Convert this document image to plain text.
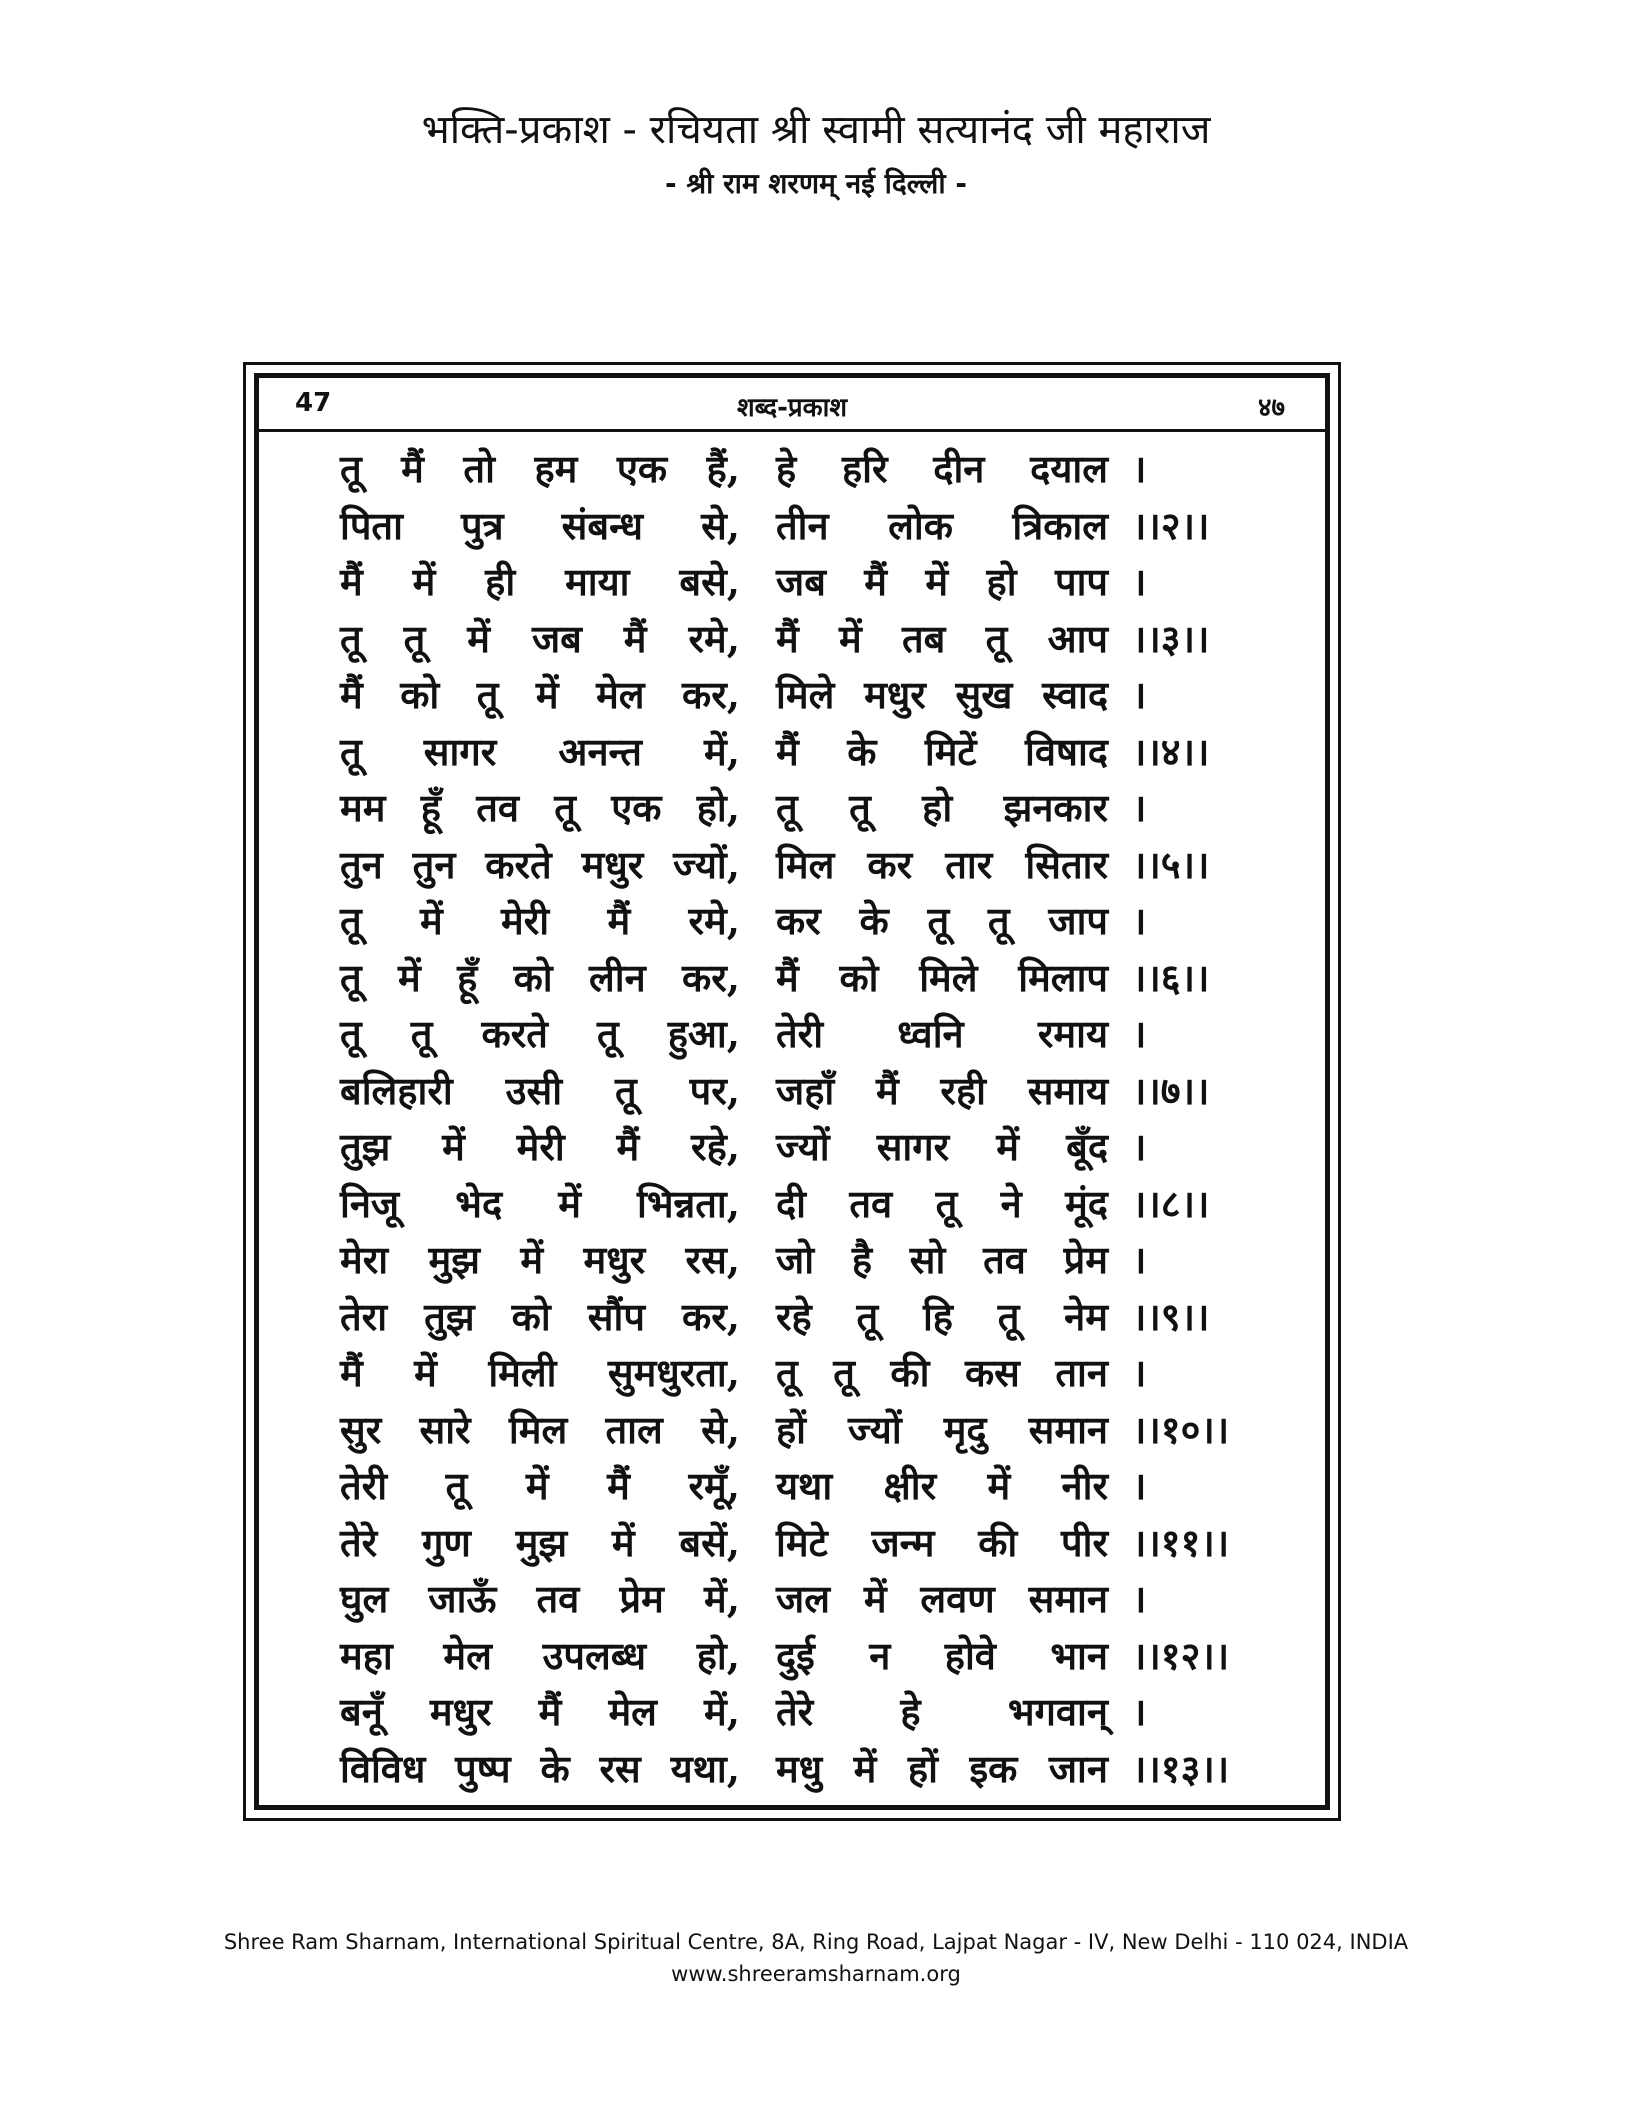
भक्ति-प्रकाश - रचियता श्री स्वामी सत्यानंद जी महाराज
- श्री राम शरणम् नई दिल्ली -
47	शब्द-प्रकाश	४७
तू मैं तो हम एक हैं, हे हरि दीन दयाल ।
पिता पुत्र संबन्ध से, तीन लोक त्रिकाल ।।२।।
मैं में ही माया बसे, जब मैं में हो पाप ।
तू तू में जब मैं रमे, मैं में तब तू आप ।।३।।
मैं को तू में मेल कर, मिले मधुर सुख स्वाद ।
तू सागर अनन्त में, मैं के मिटें विषाद ।।४।।
मम हूँ तव तू एक हो, तू तू हो झनकार ।
तुन तुन करते मधुर ज्यों, मिल कर तार सितार ।।५।।
तू में मेरी मैं रमे, कर के तू तू जाप ।
तू में हूँ को लीन कर, मैं को मिले मिलाप ।।६।।
तू तू करते तू हुआ, तेरी ध्वनि रमाय ।
बलिहारी उसी तू पर, जहाँ मैं रही समाय ।।७।।
तुझ में मेरी मैं रहे, ज्यों सागर में बूँद ।
निजू भेद में भिन्नता, दी तव तू ने मूंद ।।८।।
मेरा मुझ में मधुर रस, जो है सो तव प्रेम ।
तेरा तुझ को सौंप कर, रहे तू हि तू नेम ।।९।।
मैं में मिली सुमधुरता, तू तू की कस तान ।
सुर सारे मिल ताल से, हों ज्यों मृदु समान ।।१०।।
तेरी तू में मैं रमूँ, यथा क्षीर में नीर ।
तेरे गुण मुझ में बसें, मिटे जन्म की पीर ।।११।।
घुल जाऊँ तव प्रेम में, जल में लवण समान ।
महा मेल उपलब्ध हो, दुई न होवे भान ।।१२।।
बनूँ मधुर मैं मेल में, तेरे हे भगवान् ।
विविध पुष्प के रस यथा, मधु में हों इक जान ।।१३।।
Shree Ram Sharnam, International Spiritual Centre, 8A, Ring Road, Lajpat Nagar - IV, New Delhi - 110 024, INDIA
www.shreeramsharnam.org
